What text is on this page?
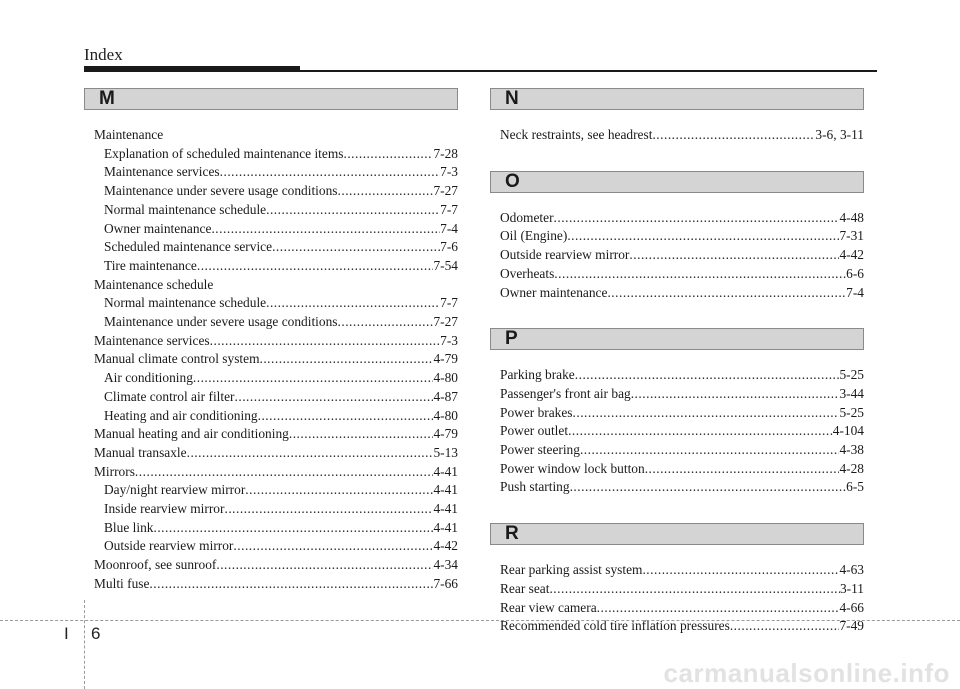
Index
M
Maintenance
Explanation of scheduled maintenance items .....	7-28
Maintenance services .....	7-3
Maintenance under severe usage conditions .....	7-27
Normal maintenance schedule .....	7-7
Owner maintenance .....	7-4
Scheduled maintenance service .....	7-6
Tire maintenance .....	7-54
Maintenance schedule
Normal maintenance schedule .....	7-7
Maintenance under severe usage conditions .....	7-27
Maintenance services .....	7-3
Manual climate control system .....	4-79
Air conditioning .....	4-80
Climate control air filter .....	4-87
Heating and air conditioning .....	4-80
Manual heating and air conditioning .....	4-79
Manual transaxle .....	5-13
Mirrors .....	4-41
Day/night rearview mirror .....	4-41
Inside rearview mirror .....	4-41
Blue link .....	4-41
Outside rearview mirror .....	4-42
Moonroof, see sunroof .....	4-34
Multi fuse .....	7-66
N
Neck restraints, see headrest .....	3-6, 3-11
O
Odometer .....	4-48
Oil (Engine) .....	7-31
Outside rearview mirror .....	4-42
Overheats .....	6-6
Owner maintenance .....	7-4
P
Parking brake .....	5-25
Passenger's front air bag .....	3-44
Power brakes .....	5-25
Power outlet .....	4-104
Power steering .....	4-38
Power window lock button .....	4-28
Push starting .....	6-5
R
Rear parking assist system .....	4-63
Rear seat .....	3-11
Rear view camera .....	4-66
Recommended cold tire inflation pressures .....	7-49
I 6
carmanualsonline.info
